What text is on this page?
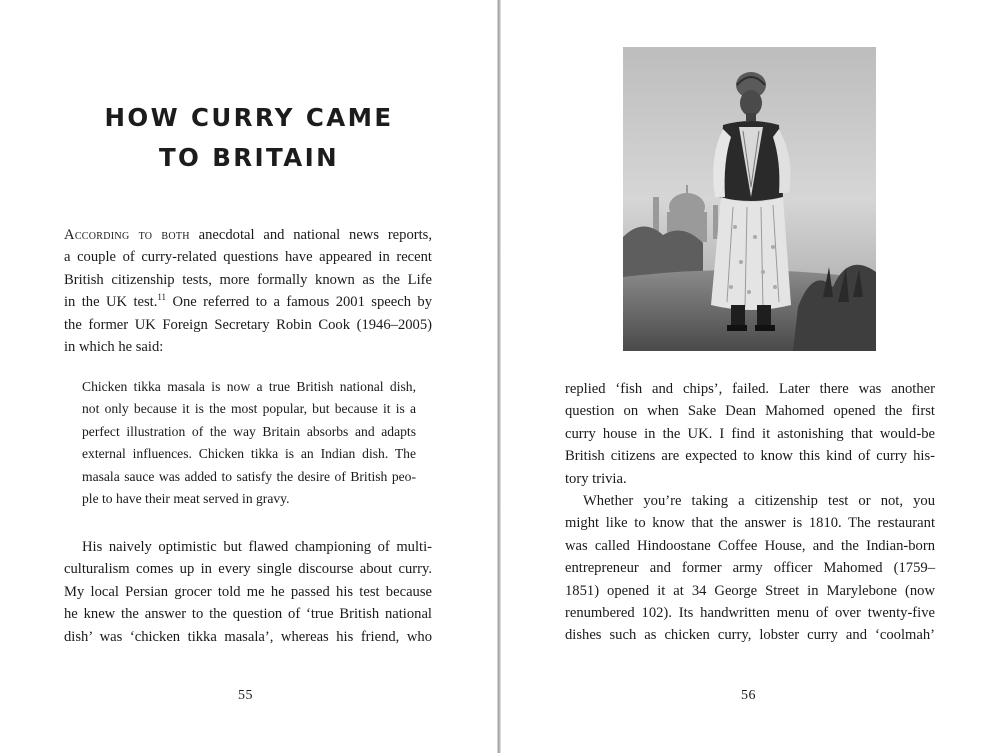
HOW CURRY CAME
TO BRITAIN
According to both anecdotal and national news reports,
a couple of curry-related questions have appeared in recent
British citizenship tests, more formally known as the Life
in the UK test.$^{11}$ One referred to a famous 2001 speech by
the former UK Foreign Secretary Robin Cook (1946–2005)
in which he said:
Chicken tikka masala is now a true British national dish,
not only because it is the most popular, but because it is a
perfect illustration of the way Britain absorbs and adapts
external influences. Chicken tikka is an Indian dish. The
masala sauce was added to satisfy the desire of British peo-
ple to have their meat served in gravy.
His naively optimistic but flawed championing of multi-
culturalism comes up in every single discourse about curry.
My local Persian grocer told me he passed his test because
he knew the answer to the question of ‘true British national
dish’ was ‘chicken tikka masala’, whereas his friend, who
55
replied ‘fish and chips’, failed. Later there was another
question on when Sake Dean Mahomed opened the first
curry house in the UK. I find it astonishing that would-be
British citizens are expected to know this kind of curry his-
tory trivia.
Whether you’re taking a citizenship test or not, you
might like to know that the answer is 1810. The restaurant
was called Hindoostane Coffee House, and the Indian-born
entrepreneur and former army officer Mahomed (1759–
1851) opened it at 34 George Street in Marylebone (now
renumbered 102). Its handwritten menu of over twenty-five
dishes such as chicken curry, lobster curry and ‘coolmah’
56
